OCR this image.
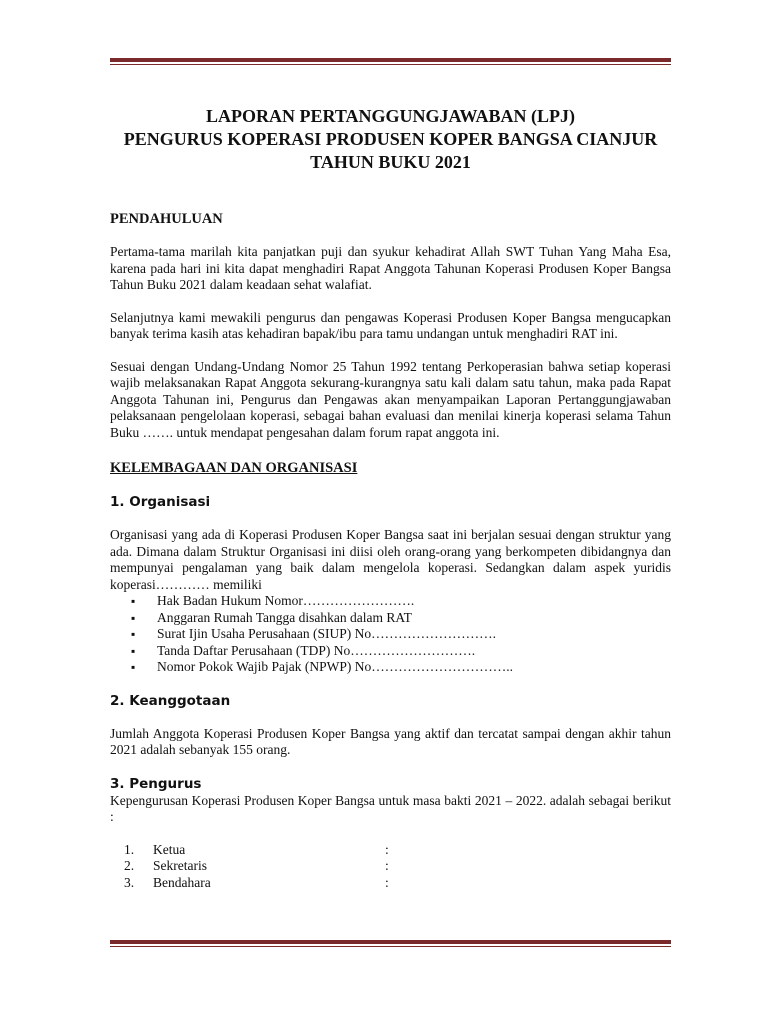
LAPORAN PERTANGGUNGJAWABAN (LPJ)
PENGURUS KOPERASI PRODUSEN KOPER BANGSA CIANJUR
TAHUN BUKU 2021
PENDAHULUAN

Pertama-tama marilah kita panjatkan puji dan syukur kehadirat Allah SWT Tuhan Yang Maha Esa, karena pada hari ini kita dapat menghadiri Rapat Anggota Tahunan Koperasi Produsen Koper Bangsa Tahun Buku 2021 dalam keadaan sehat walafiat.

Selanjutnya kami mewakili pengurus dan pengawas Koperasi Produsen Koper Bangsa mengucapkan banyak terima kasih atas kehadiran bapak/ibu para tamu undangan untuk menghadiri RAT ini.

Sesuai dengan Undang-Undang Nomor 25 Tahun 1992 tentang Perkoperasian bahwa setiap koperasi wajib melaksanakan Rapat Anggota sekurang-kurangnya satu kali dalam satu tahun, maka pada Rapat Anggota Tahunan ini, Pengurus dan Pengawas akan menyampaikan Laporan Pertanggungjawaban pelaksanaan pengelolaan koperasi, sebagai bahan evaluasi dan menilai kinerja koperasi selama Tahun Buku ……. untuk mendapat pengesahan dalam forum rapat anggota ini.

KELEMBAGAAN DAN ORGANISASI
1. Organisasi

Organisasi yang ada di Koperasi Produsen Koper Bangsa saat ini berjalan sesuai dengan struktur yang ada. Dimana dalam Struktur Organisasi ini diisi oleh orang-orang yang berkompeten dibidangnya dan mempunyai pengalaman yang baik dalam mengelola koperasi. Sedangkan dalam aspek yuridis koperasi………… memiliki

▪ Hak Badan Hukum Nomor…………………….
▪ Anggaran Rumah Tangga disahkan dalam RAT
▪ Surat Ijin Usaha Perusahaan (SIUP) No……………………….
▪ Tanda Daftar Perusahaan (TDP) No……………………….
▪ Nomor Pokok Wajib Pajak (NPWP) No…………………………..
2. Keanggotaan

Jumlah Anggota Koperasi Produsen Koper Bangsa yang aktif dan tercatat sampai dengan akhir tahun 2021 adalah sebanyak 155 orang.

3. Pengurus

Kepengurusan Koperasi Produsen Koper Bangsa untuk masa bakti 2021 – 2022. adalah sebagai berikut :

1.	Ketua	:
2.	Sekretaris	:
3.	Bendahara	:
